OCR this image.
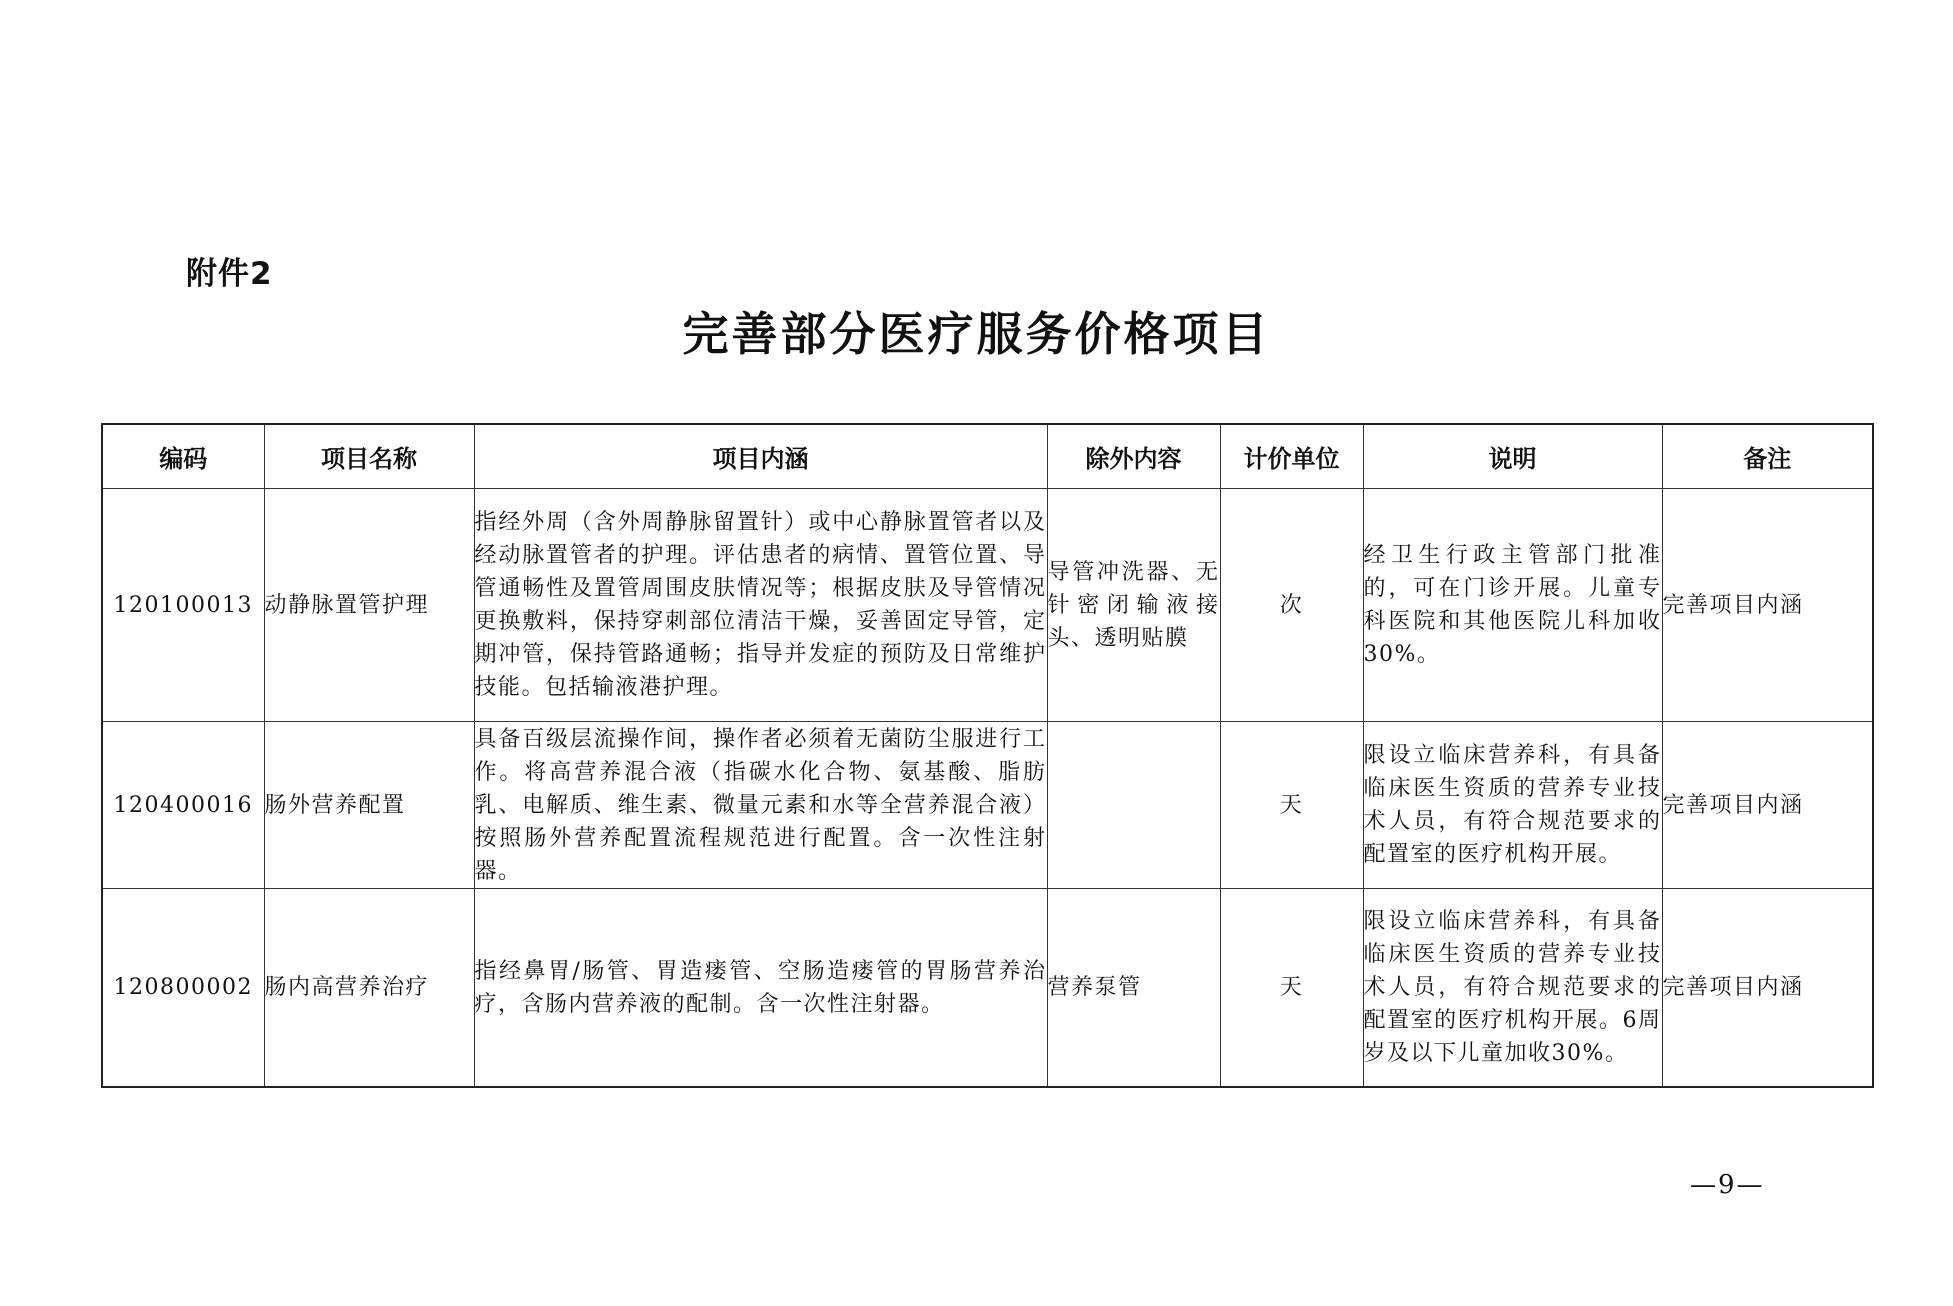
附件2
完善部分医疗服务价格项目
编码	项目名称	项目内涵	除外内容	计价单位	说明	备注
120100013	动静脉置管护理	指经外周（含外周静脉留置针）或中心静脉置管者以及经动脉置管者的护理。评估患者的病情、置管位置、导管通畅性及置管周围皮肤情况等；根据皮肤及导管情况更换敷料，保持穿刺部位清洁干燥，妥善固定导管，定期冲管，保持管路通畅；指导并发症的预防及日常维护技能。包括输液港护理。	导管冲洗器、无针密闭输液接头、透明贴膜	次	经卫生行政主管部门批准的，可在门诊开展。儿童专科医院和其他医院儿科加收30%。	完善项目内涵
120400016	肠外营养配置	具备百级层流操作间，操作者必须着无菌防尘服进行工作。将高营养混合液（指碳水化合物、氨基酸、脂肪乳、电解质、维生素、微量元素和水等全营养混合液）按照肠外营养配置流程规范进行配置。含一次性注射器。		天	限设立临床营养科，有具备临床医生资质的营养专业技术人员，有符合规范要求的配置室的医疗机构开展。	完善项目内涵
120800002	肠内高营养治疗	指经鼻胃/肠管、胃造瘘管、空肠造瘘管的胃肠营养治疗，含肠内营养液的配制。含一次性注射器。	营养泵管	天	限设立临床营养科，有具备临床医生资质的营养专业技术人员，有符合规范要求的配置室的医疗机构开展。6周岁及以下儿童加收30%。	完善项目内涵
—9—
